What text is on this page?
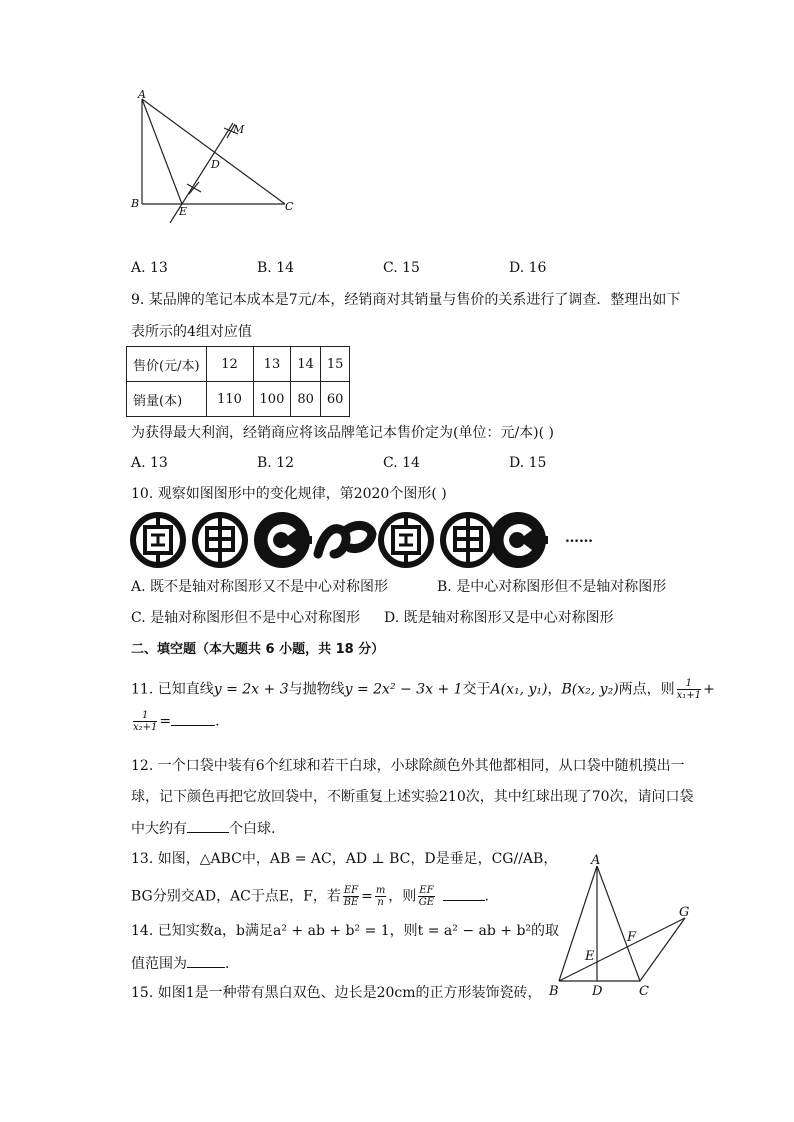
A
B	C
D
E
M
A. 13	B. 14	C. 15	D. 16
9. 某品牌的笔记本成本是7元/本，经销商对其销量与售价的关系进行了调查．整理出如下
表所示的4组对应值
售价(元/本)	12	13	14	15
销量(本)	110	100	80	60
为获得最大利润，经销商应将该品牌笔记本售价定为(单位：元/本)( )
A. 13	B. 12	C. 14	D. 15
10. 观察如图图形中的变化规律，第2020个图形( )
……
A. 既不是轴对称图形又不是中心对称图形	B. 是中心对称图形但不是轴对称图形
C. 是轴对称图形但不是中心对称图形 D. 既是轴对称图形又是中心对称图形
二、填空题（本大题共 6 小题，共 18 分）
11. 已知直线y = 2x + 3与抛物线y = 2x² − 3x + 1交于A(x₁, y₁)，B(x₂, y₂)两点，则 $\frac{1}{\text{x₁+1}}$ +
$\frac{1}{\text{x₂+1}}$ =	.
12. 一个口袋中装有6个红球和若干白球，小球除颜色外其他都相同，从口袋中随机摸出一
球，记下颜色再把它放回袋中，不断重复上述实验210次，其中红球出现了70次，请问口袋
中大约有	个白球.
13. 如图，△ABC中，AB = AC，AD ⊥ BC，D是垂足，CG//AB，
BG分别交AD，AC于点E，F，若 $\frac{EF}{BE} = \frac{m}{n}$ ，则 $\frac{EF}{GE}$	.
14. 已知实数a，b满足a² + ab + b² = 1，则t = a² − ab + b²的取
值范围为	.
15. 如图1是一种带有黑白双色、边长是20cm的正方形装饰瓷砖，
A
B	C
D
E
F
G
